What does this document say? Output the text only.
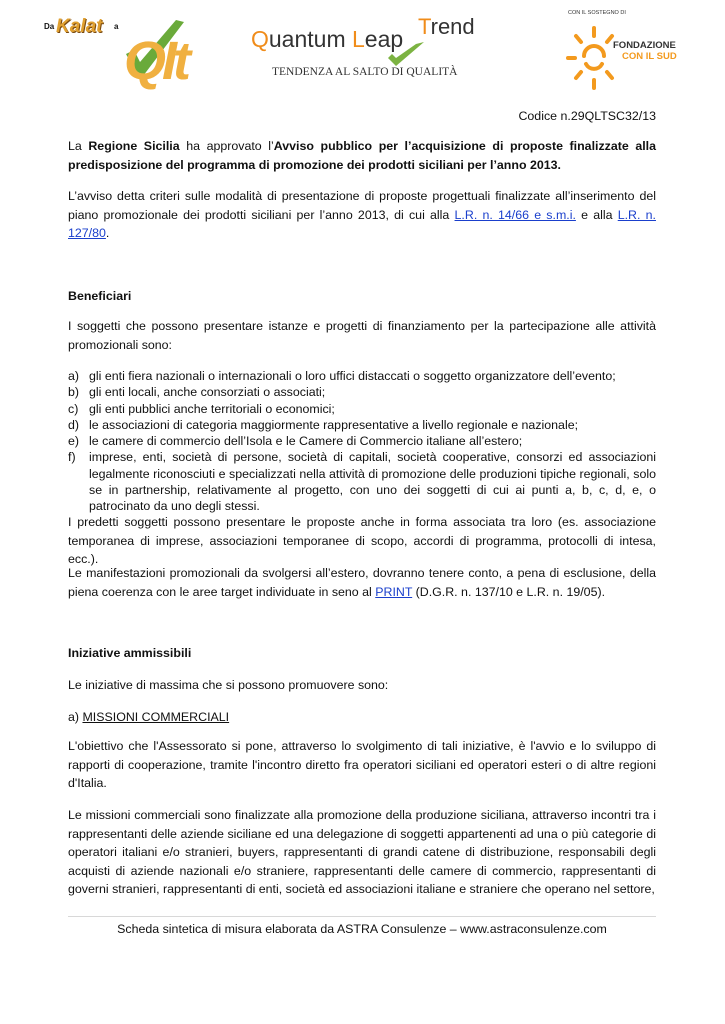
Da Kalat a
QIt	Quantum Leap Trend
TENDENZA AL SALTO DI QUALITÀ
CON IL SOSTEGNO DI
FONDAZIONE
CON IL SUD
Codice n.29QLTSC32/13
La Regione Sicilia ha approvato l’Avviso pubblico per l’acquisizione di proposte finalizzate alla predisposizione del programma di promozione dei prodotti siciliani per l’anno 2013.
L’avviso detta criteri sulle modalità di presentazione di proposte progettuali finalizzate all’inserimento del piano promozionale dei prodotti siciliani per l’anno 2013, di cui alla L.R. n. 14/66 e s.m.i. e alla L.R. n. 127/80.
Beneficiari
I soggetti che possono presentare istanze e progetti di finanziamento per la partecipazione alle attività promozionali sono:
a) gli enti fiera nazionali o internazionali o loro uffici distaccati o soggetto organizzatore dell’evento;
b) gli enti locali, anche consorziati o associati;
c) gli enti pubblici anche territoriali o economici;
d) le associazioni di categoria maggiormente rappresentative a livello regionale e nazionale;
e) le camere di commercio dell’Isola e le Camere di Commercio italiane all’estero;
f)	imprese, enti, società di persone, società di capitali, società cooperative, consorzi ed associazioni legalmente riconosciuti e specializzati nella attività di promozione delle produzioni tipiche regionali, solo se in partnership, relativamente al progetto, con uno dei soggetti di cui ai punti a, b, c, d, e, o patrocinato da uno degli stessi.
I predetti soggetti possono presentare le proposte anche in forma associata tra loro (es. associazione temporanea di imprese, associazioni temporanee di scopo, accordi di programma, protocolli di intesa, ecc.).
Le manifestazioni promozionali da svolgersi all’estero, dovranno tenere conto, a pena di esclusione, della piena coerenza con le aree target individuate in seno al PRINT (D.G.R. n. 137/10 e L.R. n. 19/05).
Iniziative ammissibili
Le iniziative di massima che si possono promuovere sono:
a) MISSIONI COMMERCIALI
L'obiettivo che l'Assessorato si pone, attraverso lo svolgimento di tali iniziative, è l'avvio e lo sviluppo di rapporti di cooperazione, tramite l'incontro diretto fra operatori siciliani ed operatori esteri o di altre regioni d'Italia.
Le missioni commerciali sono finalizzate alla promozione della produzione siciliana, attraverso incontri tra i rappresentanti delle aziende siciliane ed una delegazione di soggetti appartenenti ad una o più categorie di operatori italiani e/o stranieri, buyers, rappresentanti di grandi catene di distribuzione, responsabili degli acquisti di aziende nazionali e/o straniere, rappresentanti delle camere di commercio, rappresentanti di governi stranieri, rappresentanti di enti, società ed associazioni italiane e straniere che operano nel settore,
Scheda sintetica di misura elaborata da ASTRA Consulenze – www.astraconsulenze.com
